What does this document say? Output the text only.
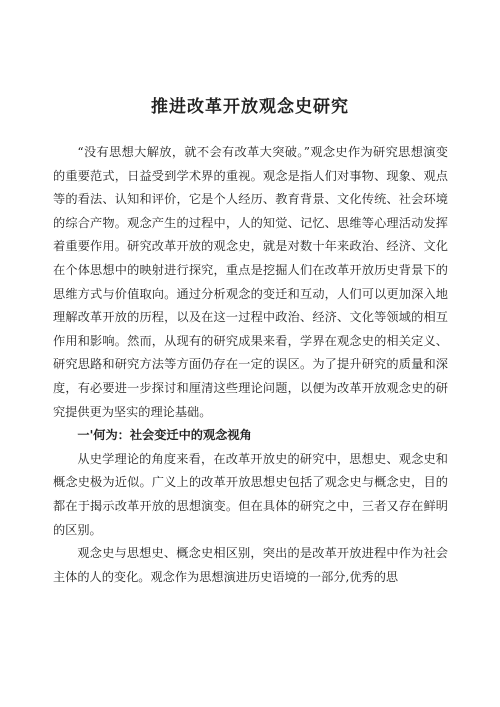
推进改革开放观念史研究

“没有思想大解放，就不会有改革大突破。”观念史作为研究思想演变的重要范式，日益受到学术界的重视。观念是指人们对事物、现象、观点等的看法、认知和评价，它是个人经历、教育背景、文化传统、社会环境的综合产物。观念产生的过程中，人的知觉、记忆、思维等心理活动发挥着重要作用。研究改革开放的观念史，就是对数十年来政治、经济、文化在个体思想中的映射进行探究，重点是挖掘人们在改革开放历史背景下的思维方式与价值取向。通过分析观念的变迁和互动，人们可以更加深入地理解改革开放的历程，以及在这一过程中政治、经济、文化等领域的相互作用和影响。然而，从现有的研究成果来看，学界在观念史的相关定义、研究思路和研究方法等方面仍存在一定的误区。为了提升研究的质量和深度，有必要进一步探讨和厘清这些理论问题，以便为改革开放观念史的研究提供更为坚实的理论基础。

一'何为：社会变迁中的观念视角

从史学理论的角度来看，在改革开放史的研究中，思想史、观念史和概念史极为近似。广义上的改革开放思想史包括了观念史与概念史，目的都在于揭示改革开放的思想演变。但在具体的研究之中，三者又存在鲜明的区别。

观念史与思想史、概念史相区别，突出的是改革开放进程中作为社会主体的人的变化。观念作为思想演进历史语境的一部分,优秀的思
